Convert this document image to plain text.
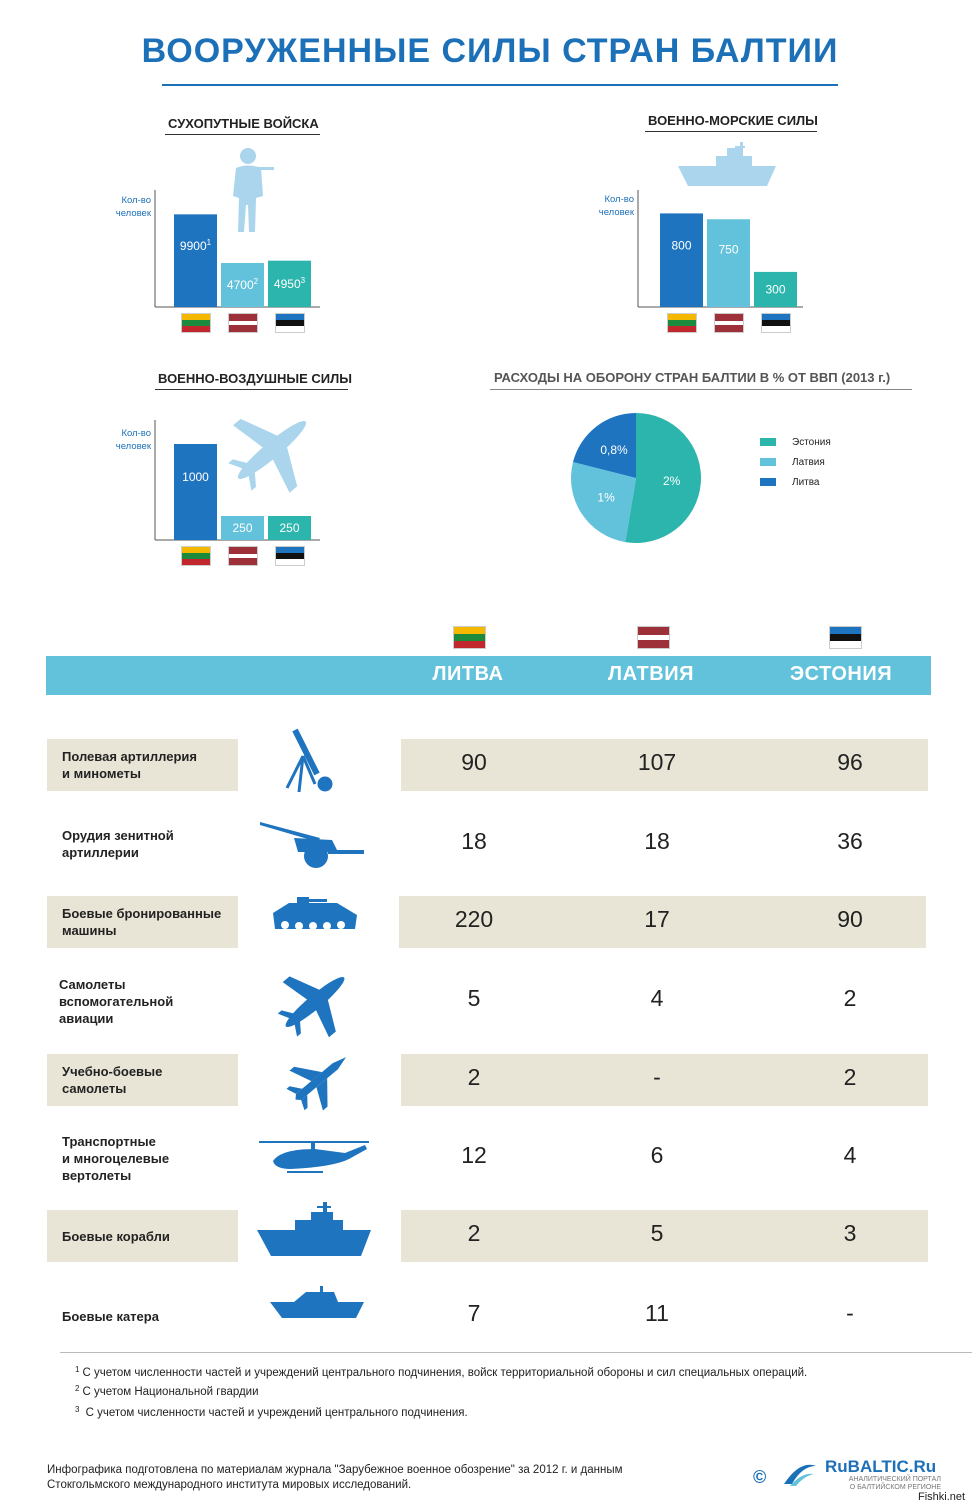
ВООРУЖЕННЫЕ СИЛЫ СТРАН БАЛТИИ
СУХОПУТНЫЕ ВОЙСКА	ВОЕННО-МОРСКИЕ СИЛЫ
ВОЕННО-ВОЗДУШНЫЕ СИЛЫ	РАСХОДЫ НА ОБОРОНУ СТРАН БАЛТИИ В % ОТ ВВП (2013 г.)
9900$^1$
4700$^2$ 4950$^3$
800 750
300
1000
250 250
2%
1%
0,8%
Кол-во
человек
Кол-во
человек
Кол-во
человек	Эстония
Латвия
Литва
ЛИТВА	ЛАТВИЯ	ЭСТОНИЯ
Полевая артиллерия
и минометы	90	107	96
Орудия зенитной
артиллерии	18	18	36
Боевые бронированные
машины	220	17	90
Самолеты вспомогательной
авиации
5	4	2
Учебно-боевые
самолеты	2	-	2
Транспортные
и многоцелевые вертолеты
12	6	4
Боевые корабли	2	5	3
Боевые катера	7	11	-
$^1$ С учетом численности частей и учреждений центрального подчинения, войск территориальной обороны и сил специальных операций.
$^2$ С учетом Национальной гвардии
$^3$ С учетом численности частей и учреждений центрального подчинения.
Инфографика подготовлена по материалам журнала "Зарубежное военное обозрение" за 2012 г. и данным
Стокгольмского международного института мировых исследований.	©
RuBALTIC.Ru
АНАЛИТИЧЕСКИЙ ПОРТАЛ
О БАЛТИЙСКОМ РЕГИОНЕ
Fishki.net
